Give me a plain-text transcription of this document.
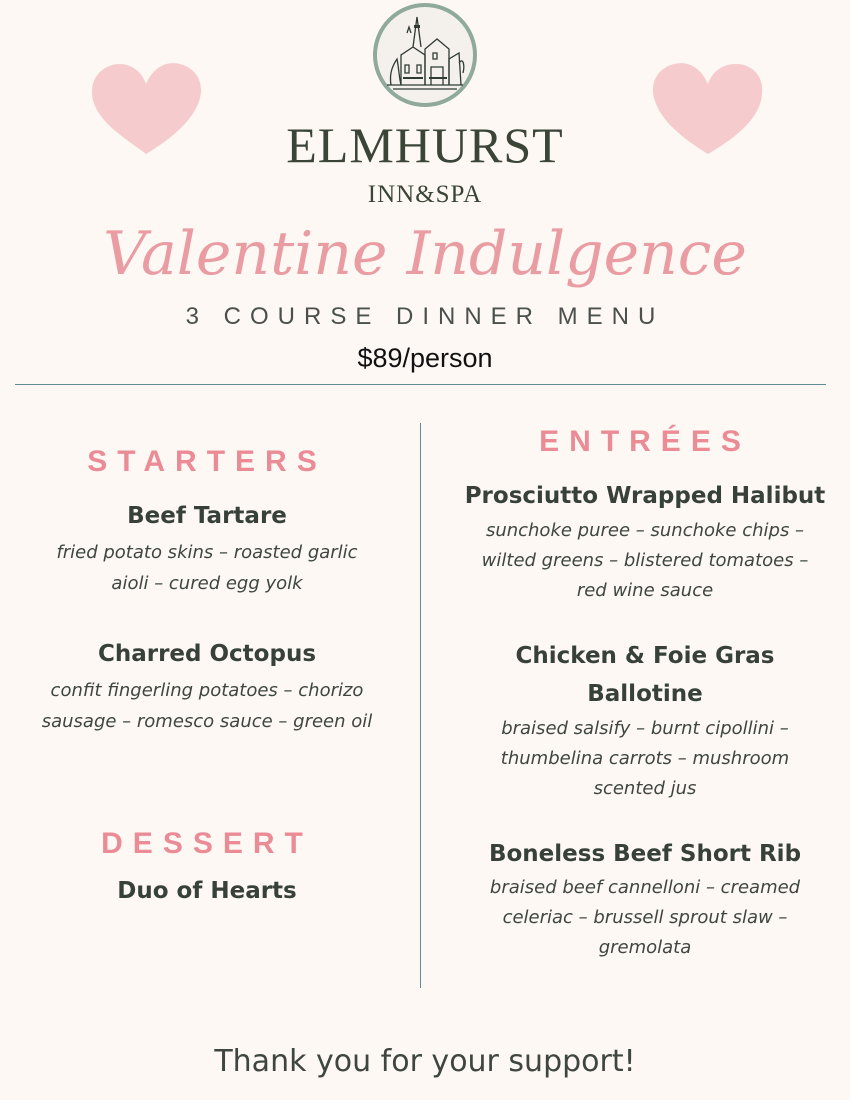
ELMHURST
INN&SPA
Valentine Indulgence
3 COURSE DINNER MENU
$89/person
STARTERS
Beef Tartare
fried potato skins – roasted garlic
aioli – cured egg yolk
Charred Octopus
confit fingerling potatoes – chorizo
sausage – romesco sauce – green oil
DESSERT
Duo of Hearts
ENTRÉES
Prosciutto Wrapped Halibut
sunchoke puree – sunchoke chips –
wilted greens – blistered tomatoes –
red wine sauce
Chicken & Foie Gras
Ballotine
braised salsify – burnt cipollini –
thumbelina carrots – mushroom
scented jus
Boneless Beef Short Rib
braised beef cannelloni – creamed
celeriac – brussell sprout slaw –
gremolata
Thank you for your support!
